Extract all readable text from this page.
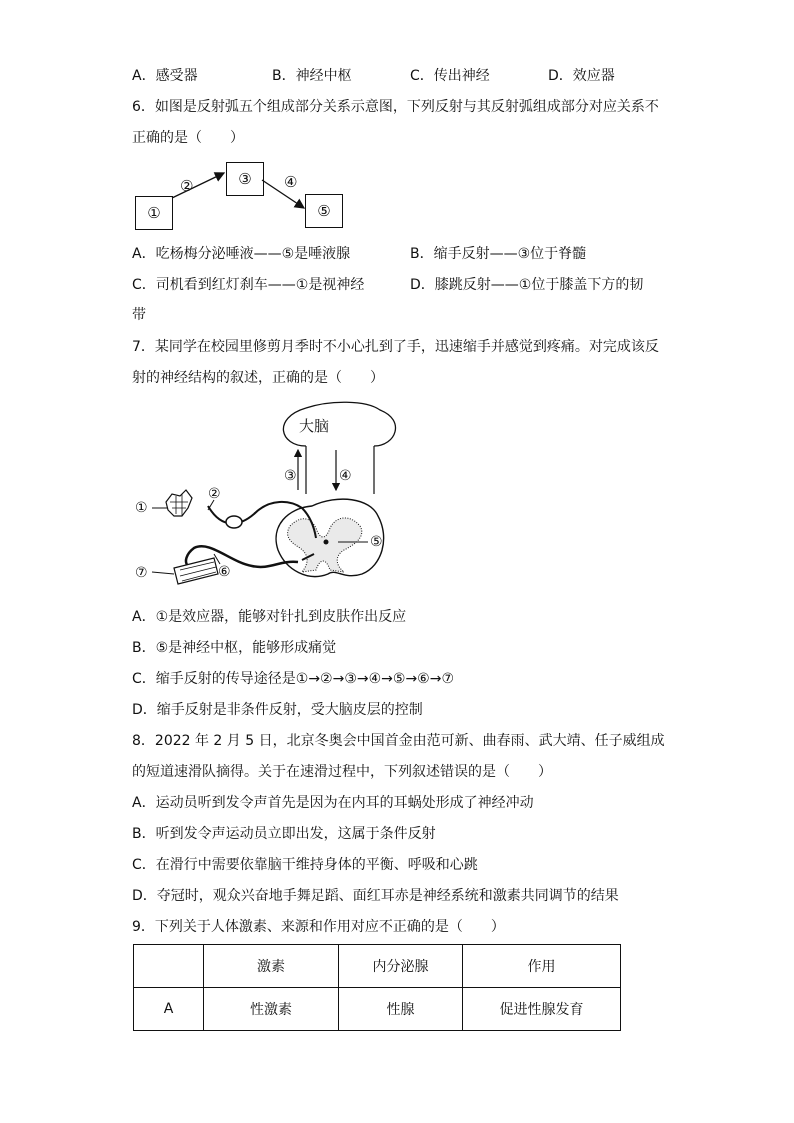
A．感受器	B．神经中枢	C．传出神经	D．效应器
6．如图是反射弧五个组成部分关系示意图，下列反射与其反射弧组成部分对应关系不
正确的是（　　）
①
②	③	④
⑤
A．吃杨梅分泌唾液——⑤是唾液腺	B．缩手反射——③位于脊髓
C．司机看到红灯刹车——①是视神经	D．膝跳反射——①位于膝盖下方的韧
带
7．某同学在校园里修剪月季时不小心扎到了手，迅速缩手并感觉到疼痛。对完成该反
射的神经结构的叙述，正确的是（　　）
大脑
①
②
③	④
⑤
⑥
⑦
A．①是效应器，能够对针扎到皮肤作出反应
B．⑤是神经中枢，能够形成痛觉
C．缩手反射的传导途径是①→②→③→④→⑤→⑥→⑦
D．缩手反射是非条件反射，受大脑皮层的控制
8．2022 年 2 月 5 日，北京冬奥会中国首金由范可新、曲春雨、武大靖、任子威组成
的短道速滑队摘得。关于在速滑过程中，下列叙述错误的是（　　）
A．运动员听到发令声首先是因为在内耳的耳蜗处形成了神经冲动
B．听到发令声运动员立即出发，这属于条件反射
C．在滑行中需要依靠脑干维持身体的平衡、呼吸和心跳
D．夺冠时，观众兴奋地手舞足蹈、面红耳赤是神经系统和激素共同调节的结果
9．下列关于人体激素、来源和作用对应不正确的是（　　）
	激素	内分泌腺	作用
A	性激素	性腺	促进性腺发育
